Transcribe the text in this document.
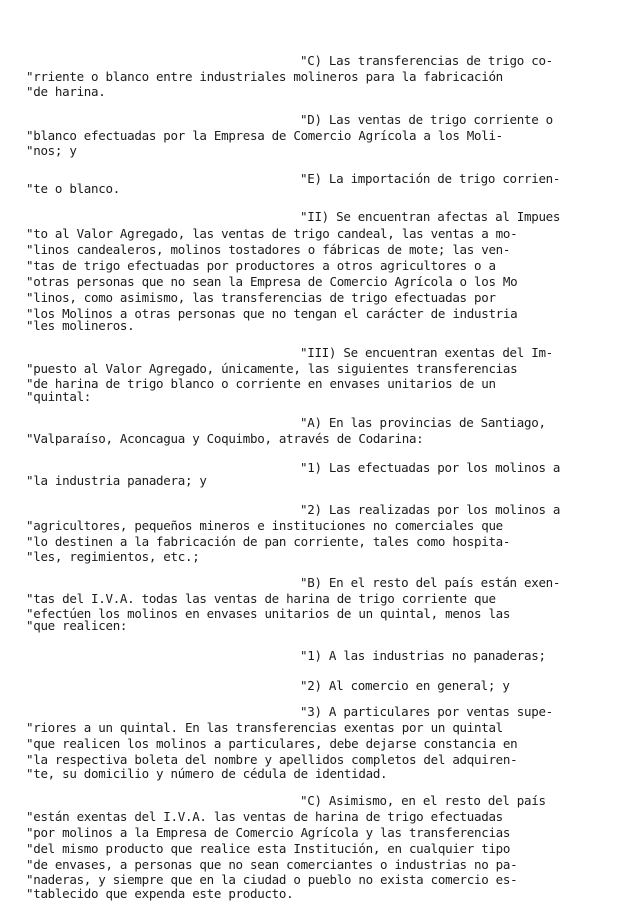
"C) Las transferencias de trigo co-
"rriente o blanco entre industriales molineros para la fabricación
"de harina.
"D) Las ventas de trigo corriente o
"blanco efectuadas por la Empresa de Comercio Agrícola a los Moli-
"nos; y
"E) La importación de trigo corrien-
"te o blanco.
"II) Se encuentran afectas al Impues
"to al Valor Agregado, las ventas de trigo candeal, las ventas a mo-
"linos candealeros, molinos tostadores o fábricas de mote; las ven-
"tas de trigo efectuadas por productores a otros agricultores o a
"otras personas que no sean la Empresa de Comercio Agrícola o los Mo
"linos, como asimismo, las transferencias de trigo efectuadas por
"los Molinos a otras personas que no tengan el carácter de industria
"les molineros.
"III) Se encuentran exentas del Im-
"puesto al Valor Agregado, únicamente, las siguientes transferencias
"de harina de trigo blanco o corriente en envases unitarios de un
"quintal:
"A) En las provincias de Santiago,
"Valparaíso, Aconcagua y Coquimbo, através de Codarina:
"1) Las efectuadas por los molinos a
"la industria panadera; y
"2) Las realizadas por los molinos a
"agricultores, pequeños mineros e instituciones no comerciales que
"lo destinen a la fabricación de pan corriente, tales como hospita-
"les, regimientos, etc.;
"B) En el resto del país están exen-
"tas del I.V.A. todas las ventas de harina de trigo corriente que
"efectúen los molinos en envases unitarios de un quintal, menos las
"que realicen:
"1) A las industrias no panaderas;
"2) Al comercio en general; y
"3) A particulares por ventas supe-
"riores a un quintal. En las transferencias exentas por un quintal
"que realicen los molinos a particulares, debe dejarse constancia en
"la respectiva boleta del nombre y apellidos completos del adquiren-
"te, su domicilio y número de cédula de identidad.
"C) Asimismo, en el resto del país
"están exentas del I.V.A. las ventas de harina de trigo efectuadas
"por molinos a la Empresa de Comercio Agrícola y las transferencias
"del mismo producto que realice esta Institución, en cualquier tipo
"de envases, a personas que no sean comerciantes o industrias no pa-
"naderas, y siempre que en la ciudad o pueblo no exista comercio es-
"tablecido que expenda este producto.
